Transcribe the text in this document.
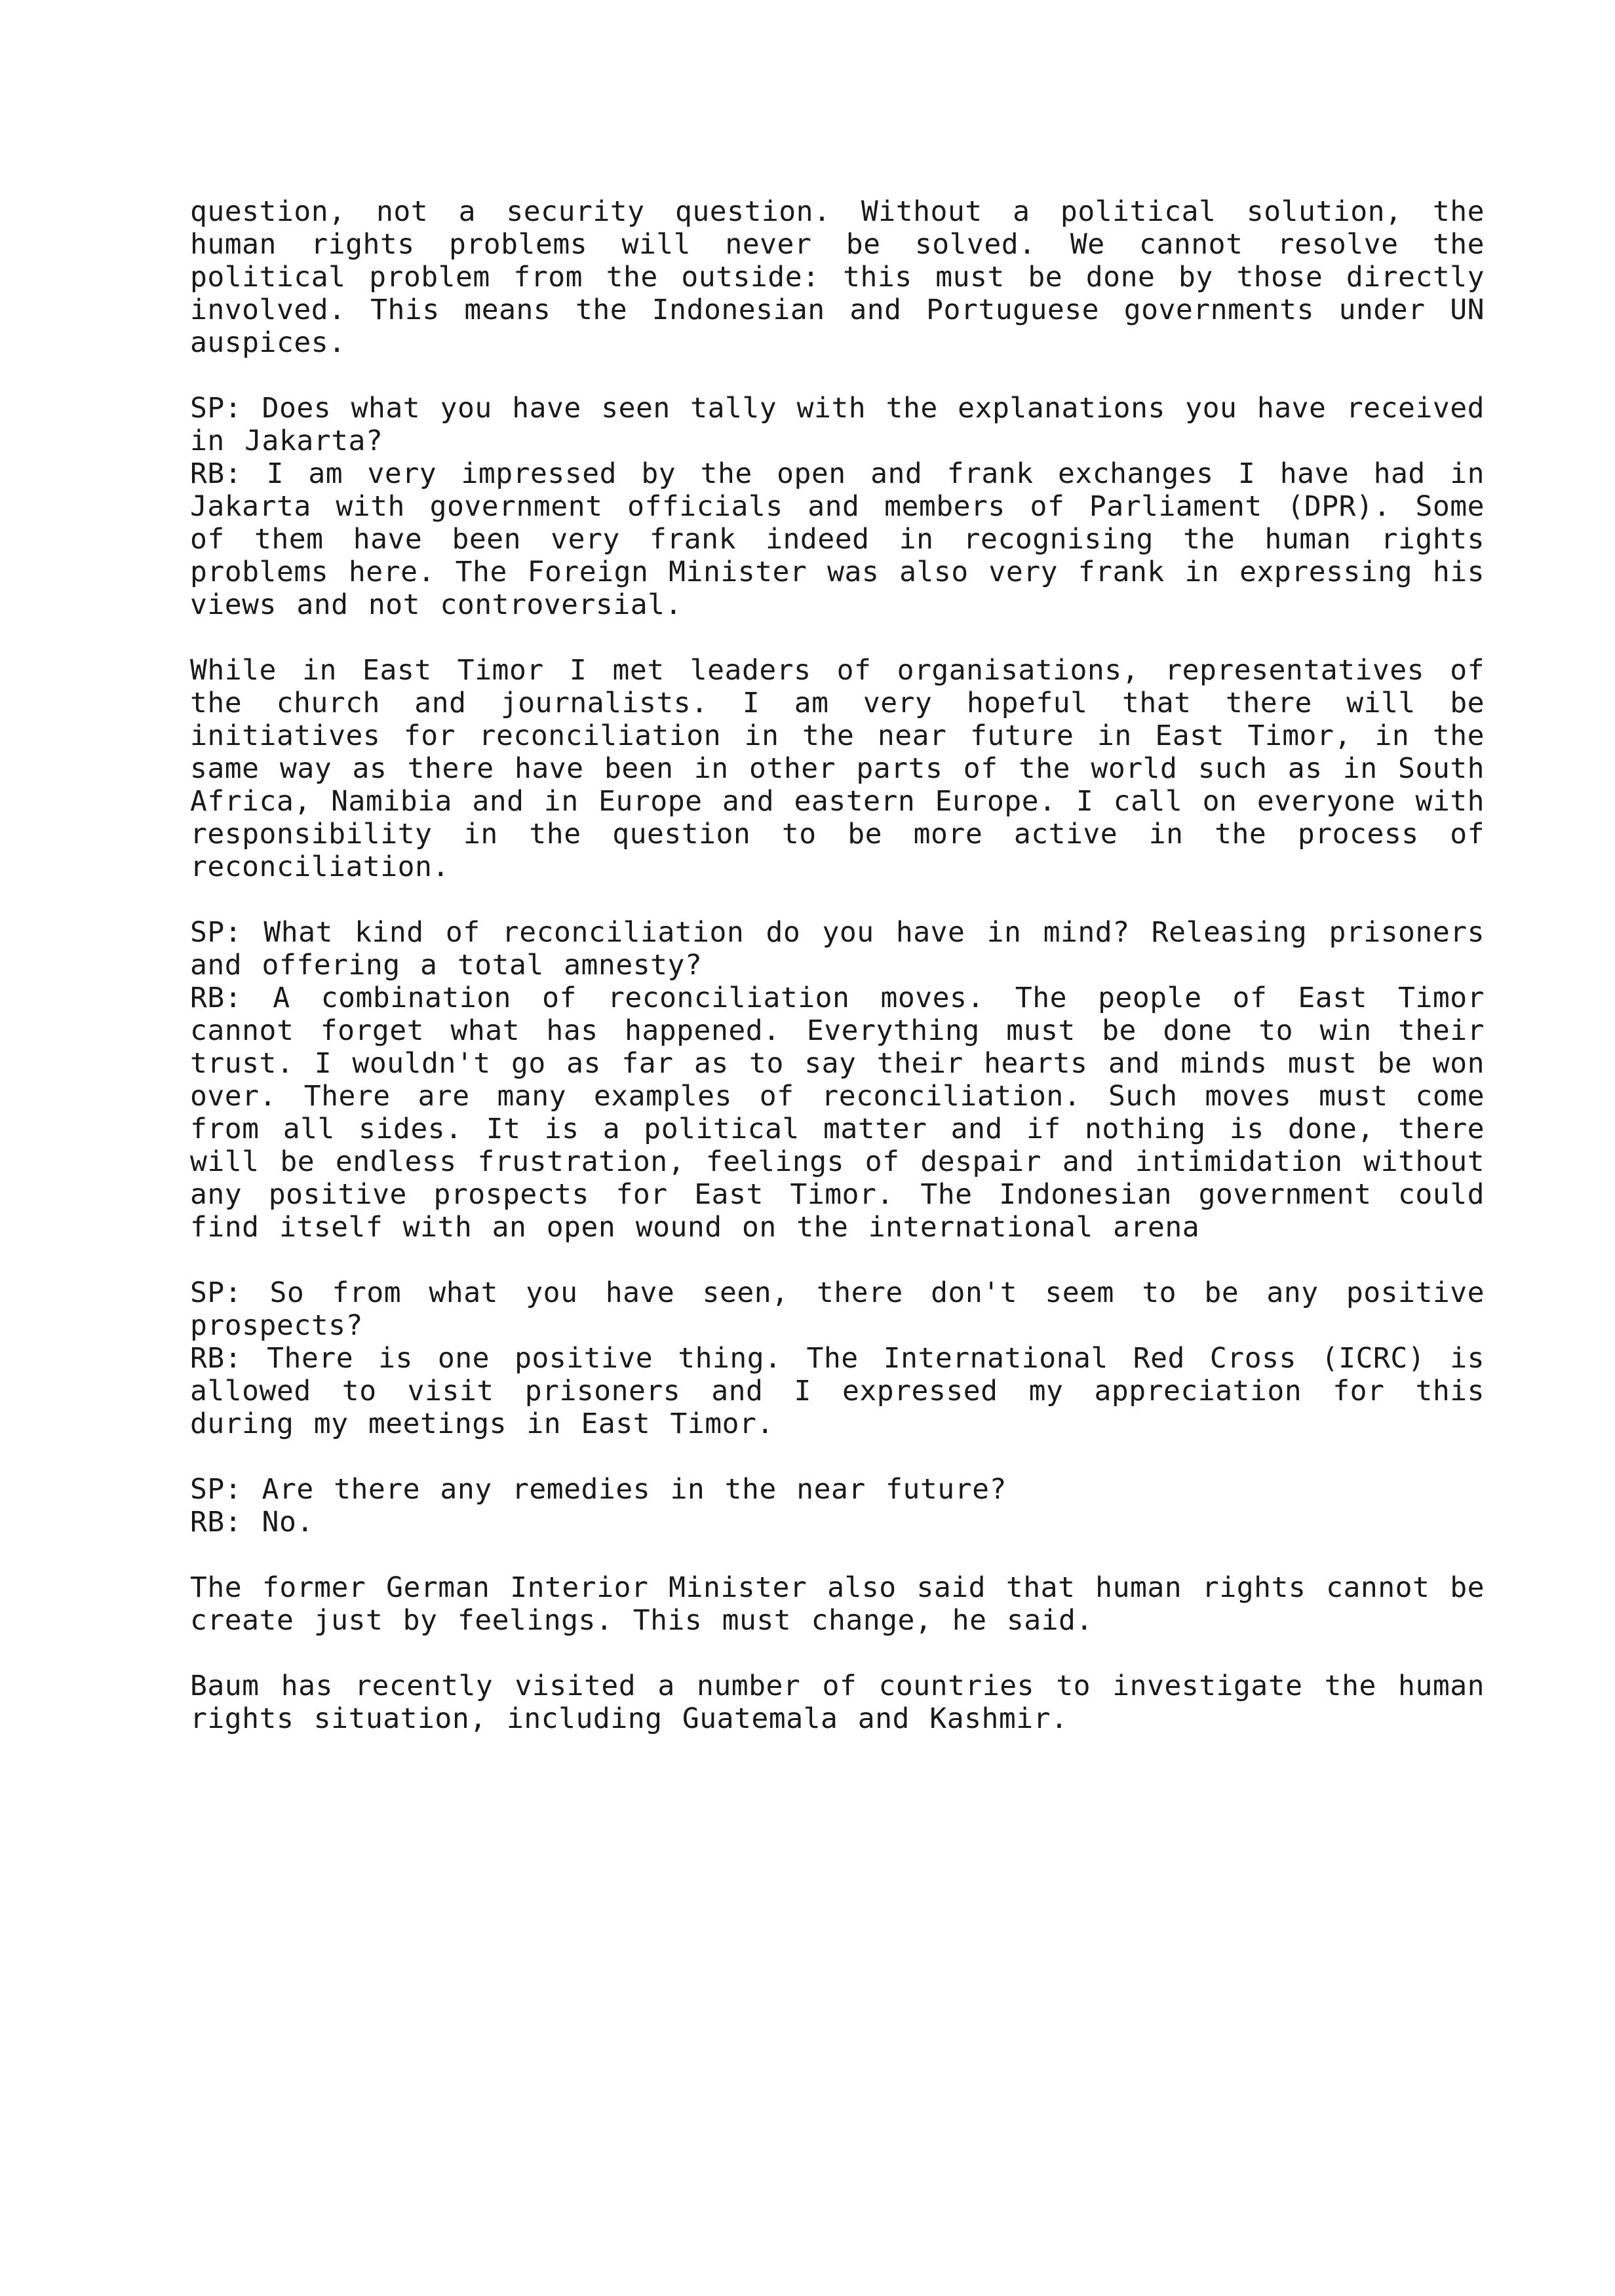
question, not a security question. Without a political solution, the human rights problems will never be solved. We cannot resolve the political problem from the outside: this must be done by those directly involved. This means the Indonesian and Portuguese governments under UN auspices.

SP: Does what you have seen tally with the explanations you have received in Jakarta?

RB: I am very impressed by the open and frank exchanges I have had in Jakarta with government officials and members of Parliament (DPR). Some of them have been very frank indeed in recognising the human rights problems here. The Foreign Minister was also very frank in expressing his views and not controversial.

While in East Timor I met leaders of organisations, representatives of the church and journalists. I am very hopeful that there will be initiatives for reconciliation in the near future in East Timor, in the same way as there have been in other parts of the world such as in South Africa, Namibia and in Europe and eastern Europe. I call on everyone with responsibility in the question to be more active in the process of reconciliation.

SP: What kind of reconciliation do you have in mind? Releasing prisoners and offering a total amnesty?

RB: A combination of reconciliation moves. The people of East Timor cannot forget what has happened. Everything must be done to win their trust. I wouldn't go as far as to say their hearts and minds must be won over. There are many examples of reconciliation. Such moves must come from all sides. It is a political matter and if nothing is done, there will be endless frustration, feelings of despair and intimidation without any positive prospects for East Timor. The Indonesian government could find itself with an open wound on the international arena

SP: So from what you have seen, there don't seem to be any positive prospects?

RB: There is one positive thing. The International Red Cross (ICRC) is allowed to visit prisoners and I expressed my appreciation for this during my meetings in East Timor.

SP: Are there any remedies in the near future?

RB: No.

The former German Interior Minister also said that human rights cannot be create just by feelings. This must change, he said.

Baum has recently visited a number of countries to investigate the human rights situation, including Guatemala and Kashmir.
